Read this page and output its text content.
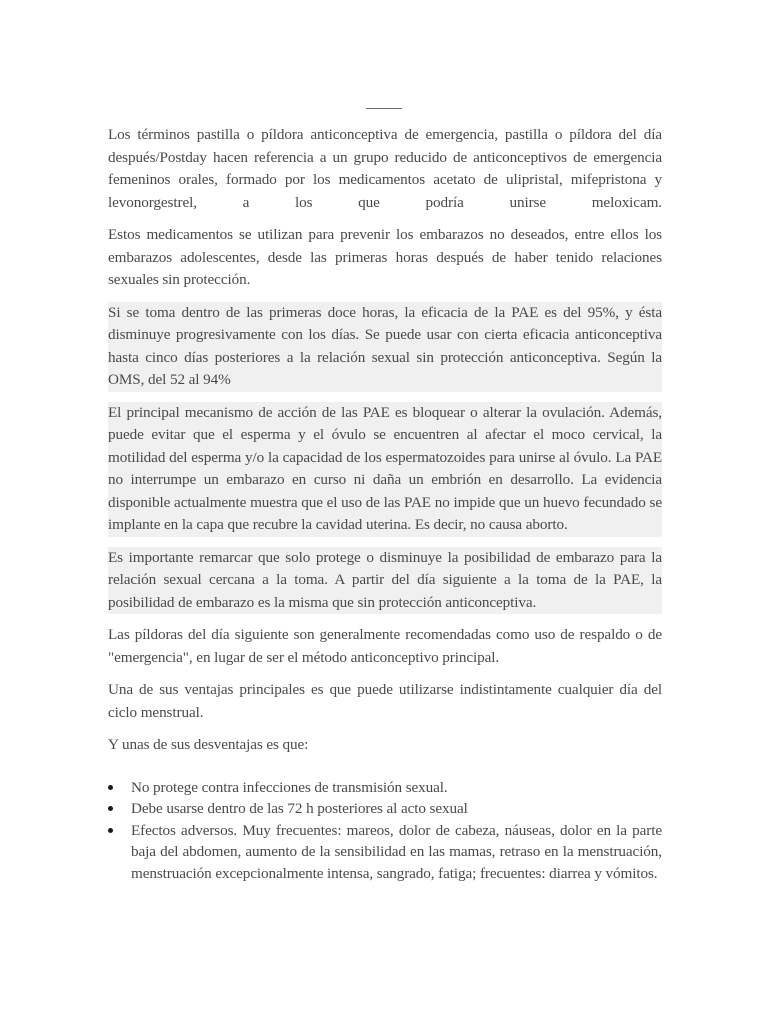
Los términos pastilla o píldora anticonceptiva de emergencia, pastilla o píldora del día después/Postday hacen referencia a un grupo reducido de anticonceptivos de emergencia femeninos orales, formado por los medicamentos acetato de ulipristal, mifepristona y levonorgestrel, a los que podría unirse meloxicam.

Estos medicamentos se utilizan para prevenir los embarazos no deseados, entre ellos los embarazos adolescentes, desde las primeras horas después de haber tenido relaciones sexuales sin protección.

Si se toma dentro de las primeras doce horas, la eficacia de la PAE es del 95%, y ésta disminuye progresivamente con los días. Se puede usar con cierta eficacia anticonceptiva hasta cinco días posteriores a la relación sexual sin protección anticonceptiva. Según la OMS, del 52 al 94%

El principal mecanismo de acción de las PAE es bloquear o alterar la ovulación. Además, puede evitar que el esperma y el óvulo se encuentren al afectar el moco cervical, la motilidad del esperma y/o la capacidad de los espermatozoides para unirse al óvulo. La PAE no interrumpe un embarazo en curso ni daña un embrión en desarrollo. La evidencia disponible actualmente muestra que el uso de las PAE no impide que un huevo fecundado se implante en la capa que recubre la cavidad uterina. Es decir, no causa aborto.

Es importante remarcar que solo protege o disminuye la posibilidad de embarazo para la relación sexual cercana a la toma. A partir del día siguiente a la toma de la PAE, la posibilidad de embarazo es la misma que sin protección anticonceptiva.

Las píldoras del día siguiente son generalmente recomendadas como uso de respaldo o de "emergencia", en lugar de ser el método anticonceptivo principal.

Una de sus ventajas principales es que puede utilizarse indistintamente cualquier día del ciclo menstrual.

Y unas de sus desventajas es que:

No protege contra infecciones de transmisión sexual.
Debe usarse dentro de las 72 h posteriores al acto sexual
Efectos adversos. Muy frecuentes: mareos, dolor de cabeza, náuseas, dolor en la parte baja del abdomen, aumento de la sensibilidad en las mamas, retraso en la menstruación, menstruación excepcionalmente intensa, sangrado, fatiga; frecuentes: diarrea y vómitos.
